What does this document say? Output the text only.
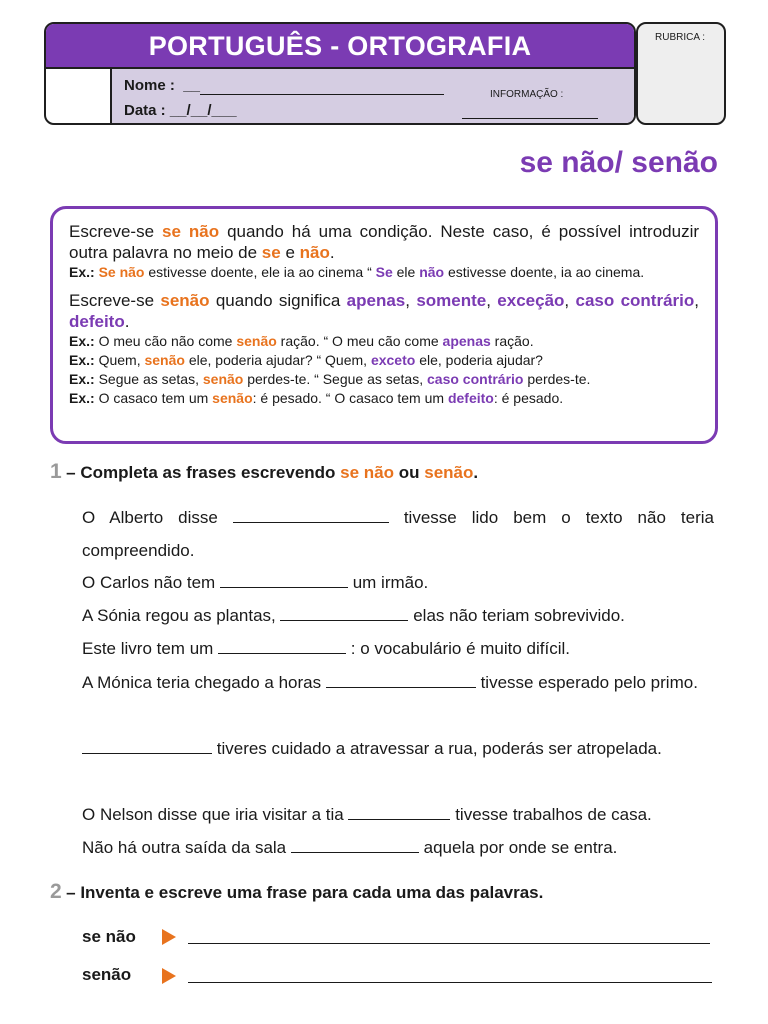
PORTUGUÊS - ORTOGRAFIA
Nome : __
Data : __/__/___
INFORMAÇÃO :
RUBRICA :
se não/ senão

Escreve-se se não quando há uma condição. Neste caso, é possível introduzir outra palavra no meio de se e não.

Ex.: Se não estivesse doente, ele ia ao cinema “ Se ele não estivesse doente, ia ao cinema.

Escreve-se senão quando significa apenas, somente, exceção, caso contrário, defeito.

Ex.: O meu cão não come senão ração. “ O meu cão come apenas ração.

Ex.: Quem, senão ele, poderia ajudar? “ Quem, exceto ele, poderia ajudar?

Ex.: Segue as setas, senão perdes-te. “ Segue as setas, caso contrário perdes-te.

Ex.: O casaco tem um senão: é pesado. “ O casaco tem um defeito: é pesado.

1 – Completa as frases escrevendo se não ou senão.
O Alberto disse	tivesse lido bem o texto não teria compreendido.
O Carlos não tem	um irmão.
A Sónia regou as plantas,	elas não teriam sobrevivido.
Este livro tem um	: o vocabulário é muito difícil.
A Mónica teria chegado a horas	tivesse esperado pelo primo.
tiveres cuidado a atravessar a rua, poderás ser atropelada.
O Nelson disse que iria visitar a tia	tivesse trabalhos de casa.
Não há outra saída da sala	aquela por onde se entra.
2 – Inventa e escreve uma frase para cada uma das palavras.
se não
senão
